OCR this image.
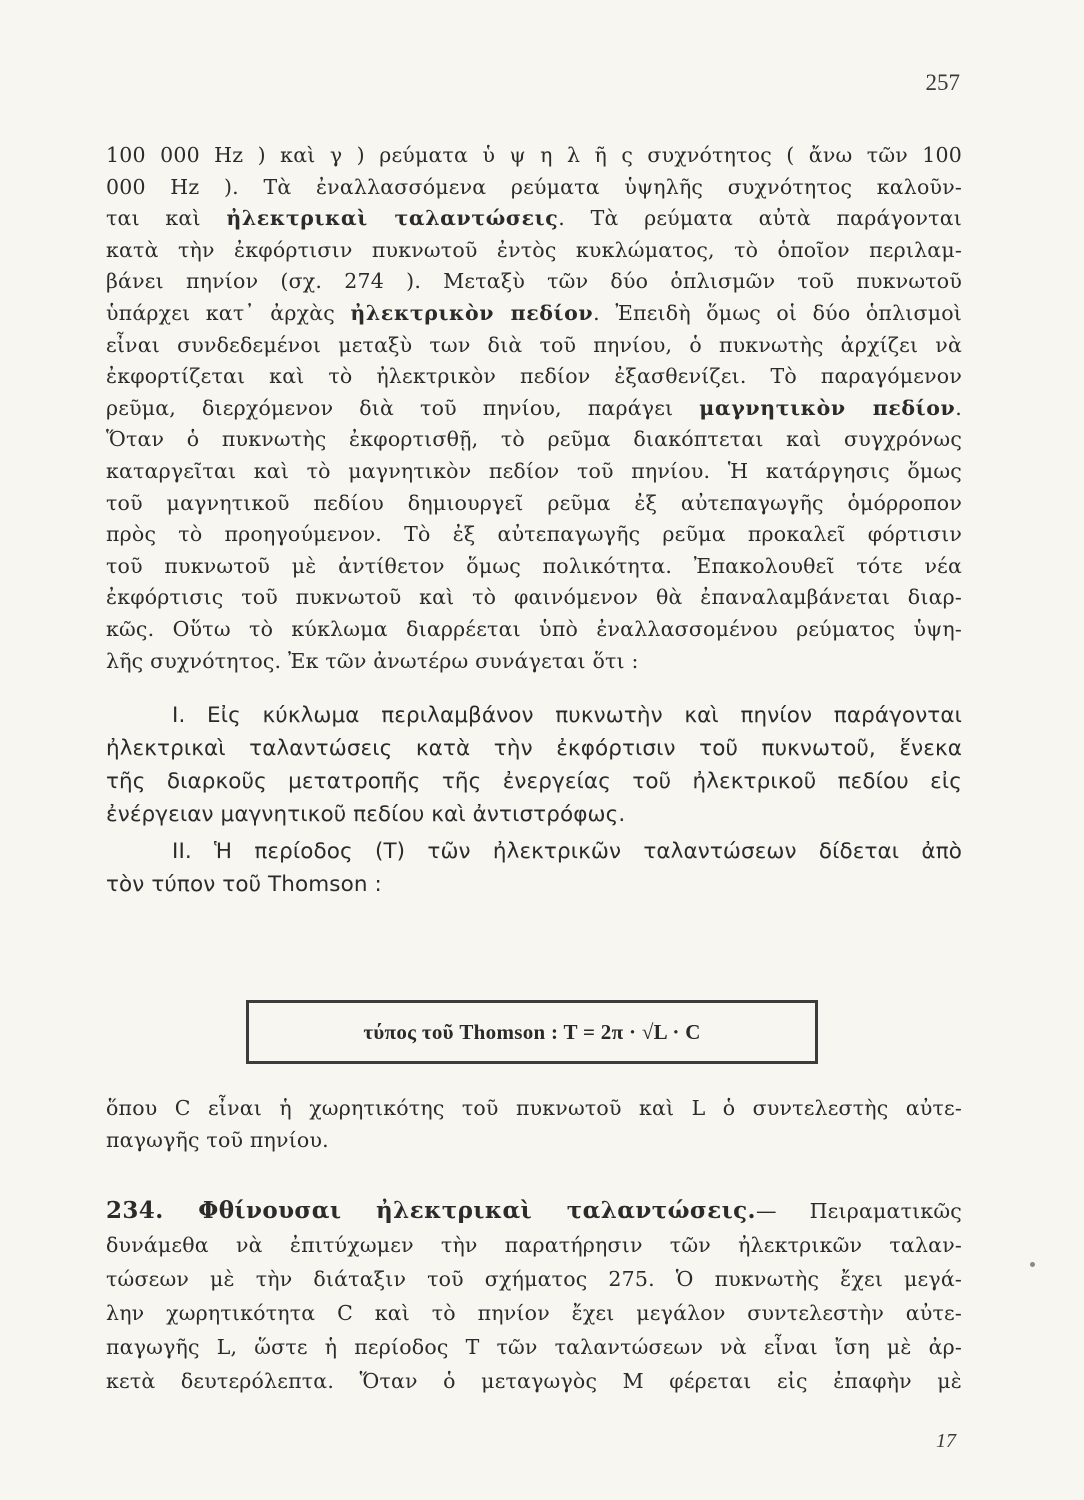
257
100 000 Hz ) καὶ γ ) ρεύματα ὑ ψ η λ ῆ ς συχνότητος ( ἄνω τῶν 100
000 Hz ). Τὰ ἐναλλασσόμενα ρεύματα ὑψηλῆς συχνότητος καλοῦν-
ται καὶ ἠλεκτρικαὶ ταλαντώσεις. Τὰ ρεύματα αὐτὰ παράγονται
κατὰ τὴν ἐκφόρτισιν πυκνωτοῦ ἐντὸς κυκλώματος, τὸ ὁποῖον περιλαμ-
βάνει πηνίον (σχ. 274 ). Μεταξὺ τῶν δύο ὁπλισμῶν τοῦ πυκνωτοῦ
ὑπάρχει κατ᾽ ἀρχὰς ἠλεκτρικὸν πεδίον. Ἐπειδὴ ὅμως οἱ δύο ὁπλισμοὶ
εἶναι συνδεδεμένοι μεταξὺ των διὰ τοῦ πηνίου, ὁ πυκνωτὴς ἀρχίζει νὰ
ἐκφορτίζεται καὶ τὸ ἠλεκτρικὸν πεδίον ἐξασθενίζει. Τὸ παραγόμενον
ρεῦμα, διερχόμενον διὰ τοῦ πηνίου, παράγει μαγνητικὸν πεδίον.
Ὅταν ὁ πυκνωτὴς ἐκφορτισθῇ, τὸ ρεῦμα διακόπτεται καὶ συγχρόνως
καταργεῖται καὶ τὸ μαγνητικὸν πεδίον τοῦ πηνίου. Ἡ κατάργησις ὅμως
τοῦ μαγνητικοῦ πεδίου δημιουργεῖ ρεῦμα ἐξ αὐτεπαγωγῆς ὁμόρροπον
πρὸς τὸ προηγούμενον. Τὸ ἐξ αὐτεπαγωγῆς ρεῦμα προκαλεῖ φόρτισιν
τοῦ πυκνωτοῦ μὲ ἀντίθετον ὅμως πολικότητα. Ἐπακολουθεῖ τότε νέα
ἐκφόρτισις τοῦ πυκνωτοῦ καὶ τὸ φαινόμενον θὰ ἐπαναλαμβάνεται διαρ-
κῶς. Οὕτω τὸ κύκλωμα διαρρέεται ὑπὸ ἐναλλασσομένου ρεύματος ὑψη-
λῆς συχνότητος. Ἐκ τῶν ἀνωτέρω συνάγεται ὅτι :
I. Εἰς κύκλωμα περιλαμβάνον πυκνωτὴν καὶ πηνίον παράγονται
ἠλεκτρικαὶ ταλαντώσεις κατὰ τὴν ἐκφόρτισιν τοῦ πυκνωτοῦ, ἕνεκα
τῆς διαρκοῦς μετατροπῆς τῆς ἐνεργείας τοῦ ἠλεκτρικοῦ πεδίου εἰς
ἐνέργειαν μαγνητικοῦ πεδίου καὶ ἀντιστρόφως.
II. Ἡ περίοδος (Τ) τῶν ἠλεκτρικῶν ταλαντώσεων δίδεται ἀπὸ
τὸν τύπον τοῦ Thomson :
τύπος τοῦ Thomson : T = 2π · √L · C
ὅπου C εἶναι ἡ χωρητικότης τοῦ πυκνωτοῦ καὶ L ὁ συντελεστὴς αὐτε-
παγωγῆς τοῦ πηνίου.
234. Φθίνουσαι ἠλεκτρικαὶ ταλαντώσεις.— Πειραματικῶς
δυνάμεθα νὰ ἐπιτύχωμεν τὴν παρατήρησιν τῶν ἠλεκτρικῶν ταλαν-
τώσεων μὲ τὴν διάταξιν τοῦ σχήματος 275. Ὁ πυκνωτὴς ἔχει μεγά-
λην χωρητικότητα C καὶ τὸ πηνίον ἔχει μεγάλον συντελεστὴν αὐτε-
παγωγῆς L, ὥστε ἡ περίοδος T τῶν ταλαντώσεων νὰ εἶναι ἴση μὲ ἀρ-
κετὰ δευτερόλεπτα. Ὅταν ὁ μεταγωγὸς Μ φέρεται εἰς ἐπαφὴν μὲ
17
